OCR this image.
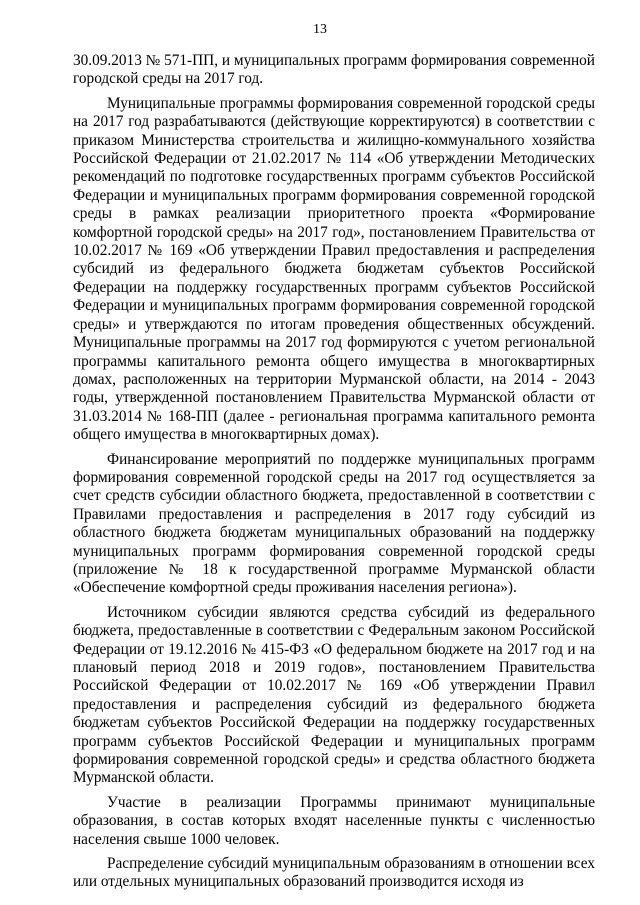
13

30.09.2013 № 571-ПП, и муниципальных программ формирования современной городской среды на 2017 год.

Муниципальные программы формирования современной городской среды на 2017 год разрабатываются (действующие корректируются) в соответствии с приказом Министерства строительства и жилищно-коммунального хозяйства Российской Федерации от 21.02.2017 № 114 «Об утверждении Методических рекомендаций по подготовке государственных программ субъектов Российской Федерации и муниципальных программ формирования современной городской среды в рамках реализации приоритетного проекта «Формирование комфортной городской среды» на 2017 год», постановлением Правительства от 10.02.2017 № 169 «Об утверждении Правил предоставления и распределения субсидий из федерального бюджета бюджетам субъектов Российской Федерации на поддержку государственных программ субъектов Российской Федерации и муниципальных программ формирования современной городской среды» и утверждаются по итогам проведения общественных обсуждений. Муниципальные программы на 2017 год формируются с учетом региональной программы капитального ремонта общего имущества в многоквартирных домах, расположенных на территории Мурманской области, на 2014 - 2043 годы, утвержденной постановлением Правительства Мурманской области от 31.03.2014 № 168-ПП (далее - региональная программа капитального ремонта общего имущества в многоквартирных домах).

Финансирование мероприятий по поддержке муниципальных программ формирования современной городской среды на 2017 год осуществляется за счет средств субсидии областного бюджета, предоставленной в соответствии с Правилами предоставления и распределения в 2017 году субсидий из областного бюджета бюджетам муниципальных образований на поддержку муниципальных программ формирования современной городской среды (приложение № 18 к государственной программе Мурманской области «Обеспечение комфортной среды проживания населения региона»).

Источником субсидии являются средства субсидий из федерального бюджета, предоставленные в соответствии с Федеральным законом Российской Федерации от 19.12.2016 № 415-ФЗ «О федеральном бюджете на 2017 год и на плановый период 2018 и 2019 годов», постановлением Правительства Российской Федерации от 10.02.2017 № 169 «Об утверждении Правил предоставления и распределения субсидий из федерального бюджета бюджетам субъектов Российской Федерации на поддержку государственных программ субъектов Российской Федерации и муниципальных программ формирования современной городской среды» и средства областного бюджета Мурманской области.

Участие в реализации Программы принимают муниципальные образования, в состав которых входят населенные пункты с численностью населения свыше 1000 человек.

Распределение субсидий муниципальным образованиям в отношении всех или отдельных муниципальных образований производится исходя из
